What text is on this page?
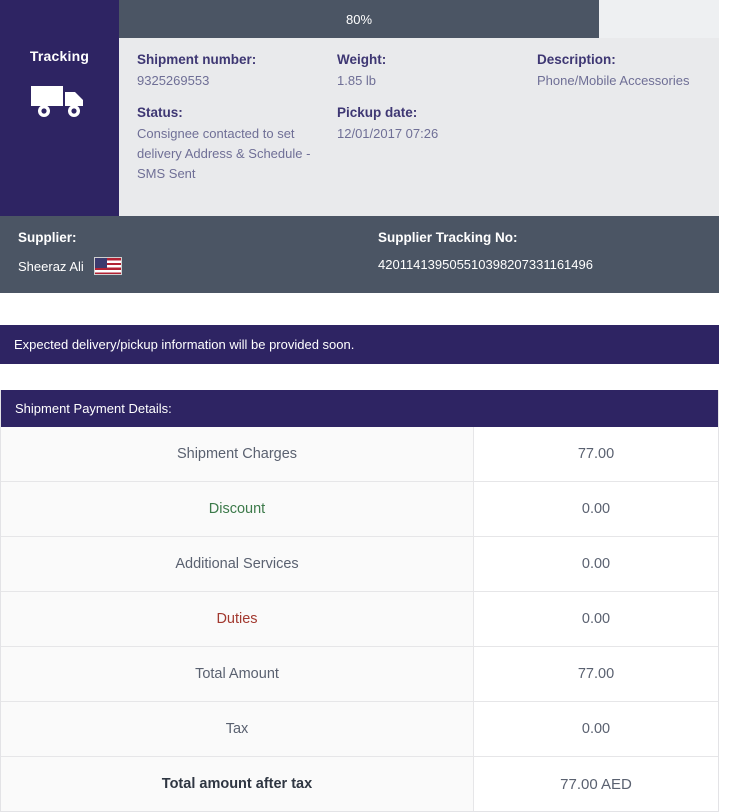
Tracking
80%
Shipment number:
9325269553
Status:
Consignee contacted to set delivery Address & Schedule -SMS Sent
Weight:
1.85 lb
Pickup date:
12/01/2017 07:26
Description:
Phone/Mobile Accessories
Supplier:
Sheeraz Ali
Supplier Tracking No:
420114139505510398207331161496
Expected delivery/pickup information will be provided soon.
Shipment Payment Details:
Shipment Charges	77.00
Discount	0.00
Additional Services	0.00
Duties	0.00
Total Amount	77.00
Tax	0.00
Total amount after tax	77.00 AED
